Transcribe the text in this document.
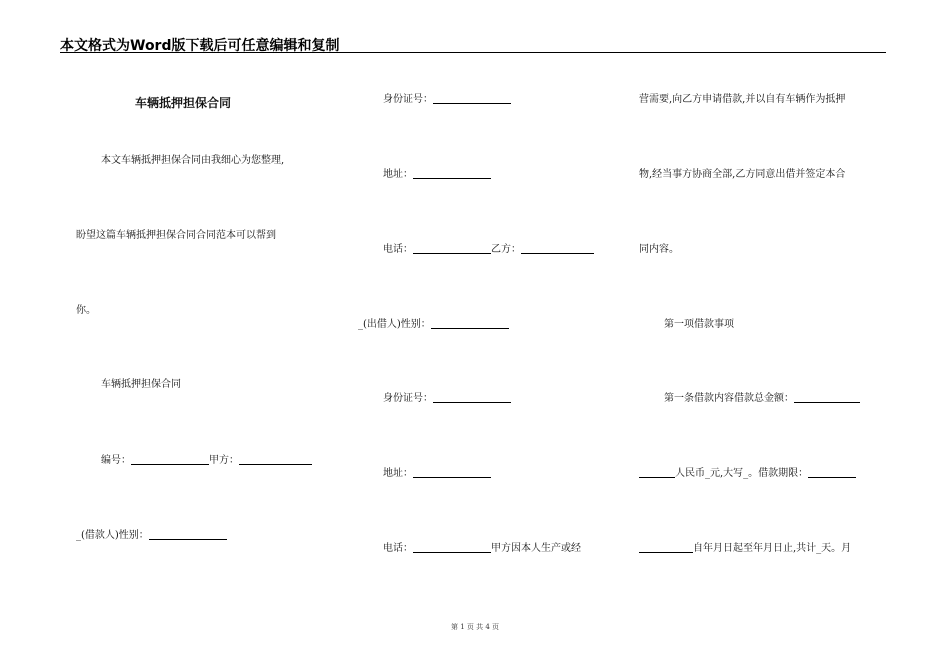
本文格式为Word版下载后可任意编辑和复制
车辆抵押担保合同
本文车辆抵押担保合同由我细心为您整理,
盼望这篇车辆抵押担保合同合同范本可以帮到
你。
车辆抵押担保合同
编号：	甲方：
_(借款人)性别：
身份证号：
地址：
电话：	乙方：
_(出借人)性别：
身份证号：
地址：
电话：	甲方因本人生产或经
营需要,向乙方申请借款,并以自有车辆作为抵押
物,经当事方协商全部,乙方同意出借并签定本合
同内容。
第一项借款事项
第一条借款内容借款总金额：
人民币_元,大写_。借款期限：
自年月日起至年月日止,共计_天。月
第 1 页 共 4 页
